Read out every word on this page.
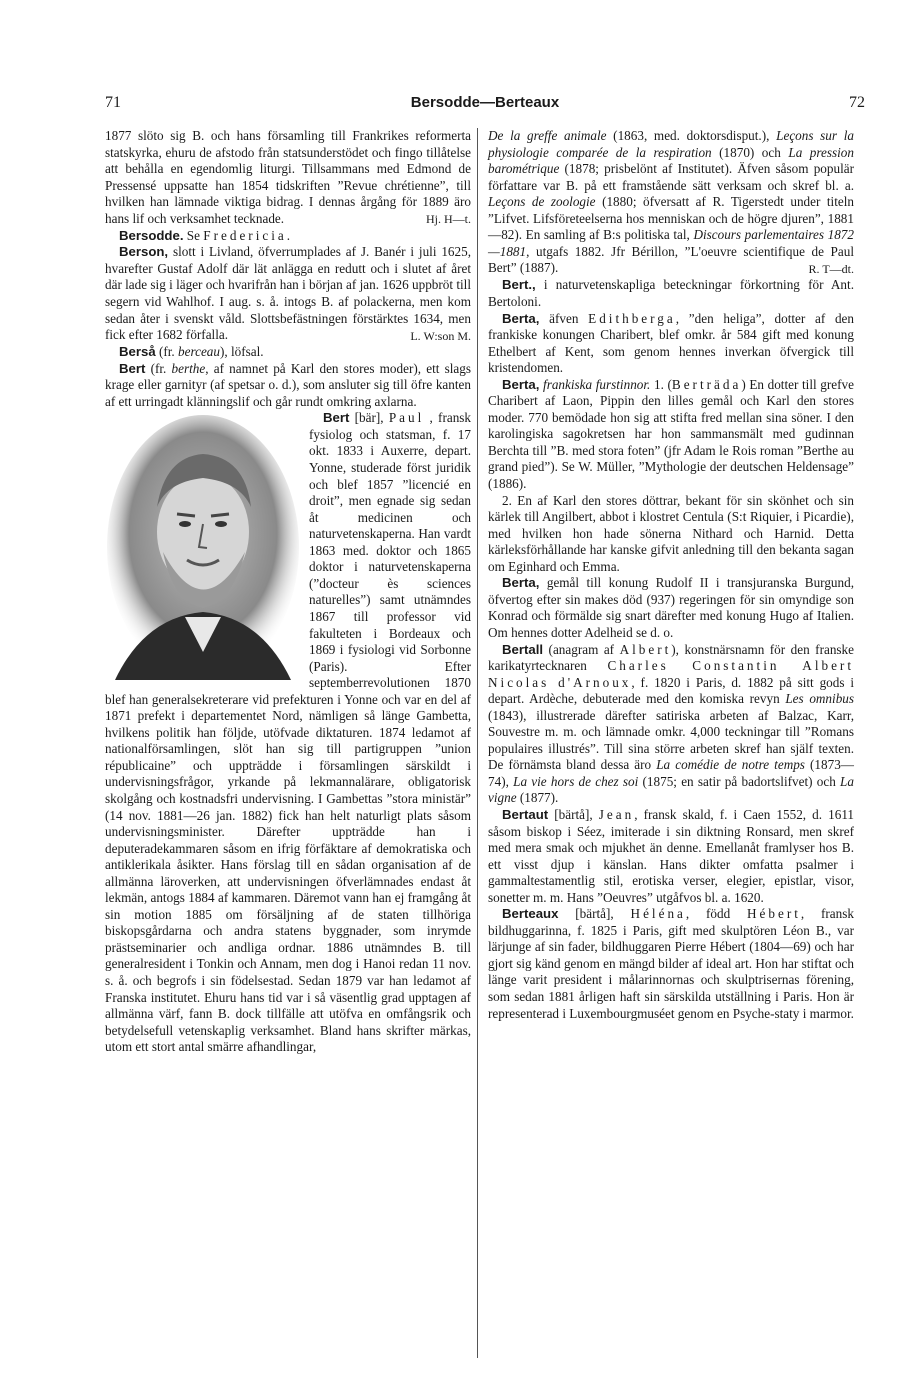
71	Bersodde—Berteaux	72

1877 slöto sig B. och hans församling till Frankrikes reformerta statskyrka, ehuru de afstodo från statsunderstödet och fingo tillåtelse att behålla en egendomlig liturgi. Tillsammans med Edmond de Pressensé uppsatte han 1854 tidskriften ”Revue chrétienne”, till hvilken han lämnade viktiga bidrag. I dennas årgång för 1889 äro hans lif och verksamhet tecknade.	Hj. H—t.

Bersodde. Se Fredericia.

Berson, slott i Livland, öfverrumplades af J. Banér i juli 1625, hvarefter Gustaf Adolf där lät anlägga en redutt och i slutet af året där lade sig i läger och hvarifrån han i början af jan. 1626 uppbröt till segern vid Wahlhof. I aug. s. å. intogs B. af polackerna, men kom sedan åter i svenskt våld. Slottsbefästningen förstärktes 1634, men fick efter 1682 förfalla.	L. W:son M.

Berså (fr. berceau), löfsal.

Bert (fr. berthe, af namnet på Karl den stores moder), ett slags krage eller garnityr (af spetsar o. d.), som ansluter sig till öfre kanten af ett urringadt klänningslif och går rundt omkring axlarna.

Bert [bär], Paul , fransk fysiolog och statsman, f. 17 okt. 1833 i Auxerre, depart. Yonne, studerade först juridik och blef 1857 ”licencié en droit”, men egnade sig sedan åt medicinen och naturvetenskaperna. Han vardt 1863 med. doktor och 1865 doktor i naturvetenskaperna (”docteur ès sciences naturelles”) samt utnämndes 1867 till professor vid fakulteten i Bordeaux och 1869 i fysiologi vid Sorbonne (Paris). Efter septemberrevolutionen 1870 blef han generalsekreterare vid prefekturen i Yonne och var en del af 1871 prefekt i departementet Nord, nämligen så länge Gambetta, hvilkens politik han följde, utöfvade diktaturen. 1874 ledamot af nationalförsamlingen, slöt han sig till partigruppen ”union républicaine” och uppträdde i församlingen särskildt i undervisningsfrågor, yrkande på lekmannalärare, obligatorisk skolgång och kostnadsfri undervisning. I Gambettas ”stora ministär” (14 nov. 1881—26 jan. 1882) fick han helt naturligt plats såsom undervisningsminister. Därefter uppträdde han i deputeradekammaren såsom en ifrig förfäktare af demokratiska och antiklerikala åsikter. Hans förslag till en sådan organisation af de allmänna läroverken, att undervisningen öfverlämnades endast åt lekmän, antogs 1884 af kammaren. Däremot vann han ej framgång åt sin motion 1885 om försäljning af de staten tillhöriga biskopsgårdarna och andra statens byggnader, som inrymde prästseminarier och andliga ordnar. 1886 utnämndes B. till generalresident i Tonkin och Annam, men dog i Hanoi redan 11 nov. s. å. och begrofs i sin födelsestad. Sedan 1879 var han ledamot af Franska institutet. Ehuru hans tid var i så väsentlig grad upptagen af allmänna värf, fann B. dock tillfälle att utöfva en omfångsrik och betydelsefull vetenskaplig verksamhet. Bland hans skrifter märkas, utom ett stort antal smärre afhandlingar,

De la greffe animale (1863, med. doktorsdisput.), Leçons sur la physiologie comparée de la respiration (1870) och La pression barométrique (1878; prisbelönt af Institutet). Äfven såsom populär författare var B. på ett framstående sätt verksam och skref bl. a. Leçons de zoologie (1880; öfversatt af R. Tigerstedt under titeln ”Lifvet. Lifsföreteelserna hos menniskan och de högre djuren”, 1881—82). En samling af B:s politiska tal, Discours parlementaires 1872—1881, utgafs 1882. Jfr Bérillon, ”L'oeuvre scientifique de Paul Bert” (1887).	R. T—dt.

Bert., i naturvetenskapliga beteckningar förkortning för Ant. Bertoloni.

Berta, äfven Edithberga, ”den heliga”, dotter af den frankiske konungen Charibert, blef omkr. år 584 gift med konung Ethelbert af Kent, som genom hennes inverkan öfvergick till kristendomen.

Berta, frankiska furstinnor. 1. (Berträda) En dotter till grefve Charibert af Laon, Pippin den lilles gemål och Karl den stores moder. 770 bemödade hon sig att stifta fred mellan sina söner. I den karolingiska sagokretsen har hon sammansmält med gudinnan Berchta till ”B. med stora foten” (jfr Adam le Rois roman ”Berthe au grand pied”). Se W. Müller, ”Mythologie der deutschen Heldensage” (1886).

2. En af Karl den stores döttrar, bekant för sin skönhet och sin kärlek till Angilbert, abbot i klostret Centula (S:t Riquier, i Picardie), med hvilken hon hade sönerna Nithard och Harnid. Detta kärleksförhållande har kanske gifvit anledning till den bekanta sagan om Eginhard och Emma.

Berta, gemål till konung Rudolf II i transjuranska Burgund, öfvertog efter sin makes död (937) regeringen för sin omyndige son Konrad och förmälde sig snart därefter med konung Hugo af Italien. Om hennes dotter Adelheid se d. o.

Bertall (anagram af Albert), konstnärsnamn för den franske karikatyrtecknaren Charles Constantin Albert Nicolas d'Arnoux, f. 1820 i Paris, d. 1882 på sitt gods i depart. Ardèche, debuterade med den komiska revyn Les omnibus (1843), illustrerade därefter satiriska arbeten af Balzac, Karr, Souvestre m. m. och lämnade omkr. 4,000 teckningar till ”Romans populaires illustrés”. Till sina större arbeten skref han själf texten. De förnämsta bland dessa äro La comédie de notre temps (1873—74), La vie hors de chez soi (1875; en satir på badortslifvet) och La vigne (1877).

Bertaut [bärtå], Jean, fransk skald, f. i Caen 1552, d. 1611 såsom biskop i Séez, imiterade i sin diktning Ronsard, men skref med mera smak och mjukhet än denne. Emellanåt framlyser hos B. ett visst djup i känslan. Hans dikter omfatta psalmer i gammaltestamentlig stil, erotiska verser, elegier, epistlar, visor, sonetter m. m. Hans ”Oeuvres” utgåfvos bl. a. 1620.

Berteaux [bärtå], Héléna, född Hébert, fransk bildhuggarinna, f. 1825 i Paris, gift med skulptören Léon B., var lärjunge af sin fader, bildhuggaren Pierre Hébert (1804—69) och har gjort sig känd genom en mängd bilder af ideal art. Hon har stiftat och länge varit president i målarinnornas och skulptrisernas förening, som sedan 1881 årligen haft sin särskilda utställning i Paris. Hon är representerad i Luxembourgmuséet genom en Psyche-staty i marmor.
